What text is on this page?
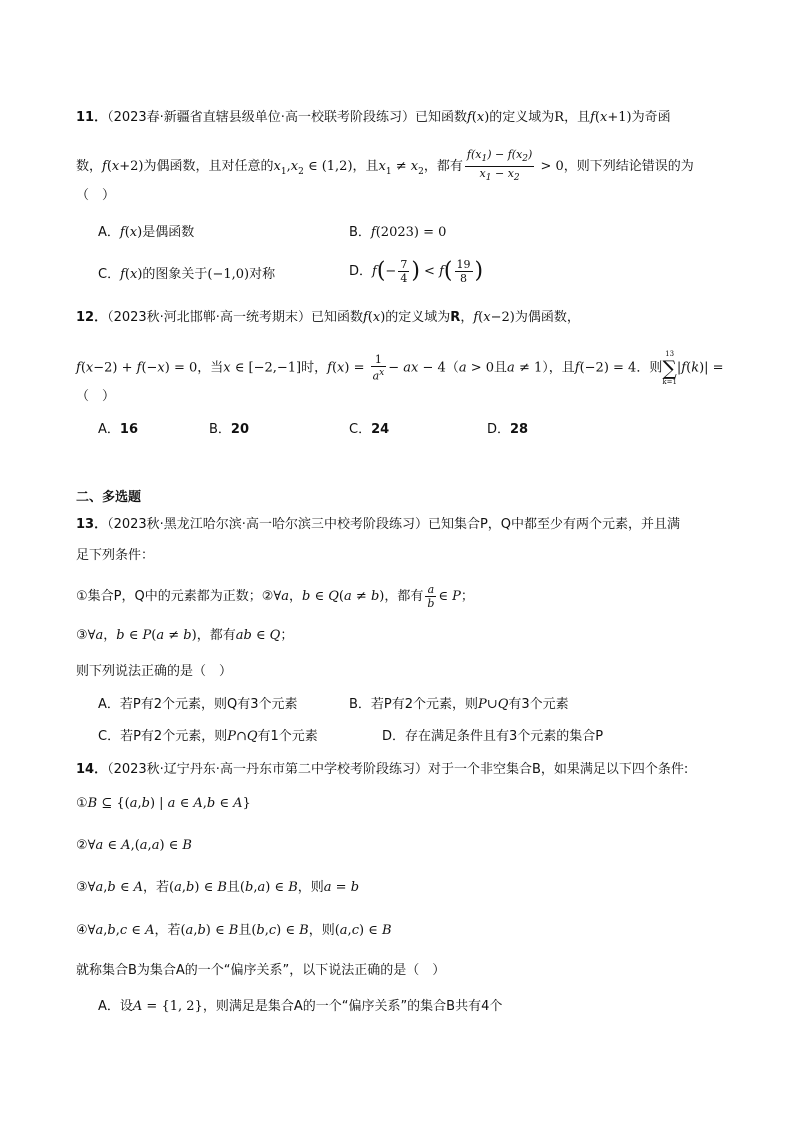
11．（2023春·新疆省直辖县级单位·高一校联考阶段练习）已知函数f(x)的定义域为R，且f(x+1)为奇函
数，f(x+2)为偶函数，且对任意的$x_1,x_2$ ∈ (1,2)，且$x_1 \ne x_2$，都有 $\frac{f(x_1) - f(x_2)}{x_1 - x_2} > 0$，则下列结论错误的为
（　）
A．f(x)是偶函数	B．f(2023) = 0
C．f(x)的图象关于(−1,0)对称	D．$f(- \frac{7}{4}$ ) < $f( \frac{19}{8}$ )
12．（2023秋·河北邯郸·高一统考期末）已知函数f(x)的定义域为R，f(x−2)为偶函数，
f(x−2) + f(−x) = 0，当x ∈ [−2,−1]时，$f(x) = \frac{1}{a^x}$ − ax − 4（a > 0且a ≠ 1），且f(−2) = 4．则
13
∑
k=1
|f(k)| =
（　）
A．16	B．20	C．24	D．28
二、多选题
13．（2023秋·黑龙江哈尔滨·高一哈尔滨三中校考阶段练习）已知集合P，Q中都至少有两个元素，并且满
足下列条件：
①集合P，Q中的元素都为正数；②∀a，b ∈ Q(a ≠ b)，都有 $\frac{a}{b}$ ∈ P；
③∀a，b ∈ P(a ≠ b)，都有ab ∈ Q；
则下列说法正确的是（　）
A．若P有2个元素，则Q有3个元素	B．若P有2个元素，则P∪Q有3个元素
C．若P有2个元素，则P∩Q有1个元素	D．存在满足条件且有3个元素的集合P
14．（2023秋·辽宁丹东·高一丹东市第二中学校考阶段练习）对于一个非空集合B，如果满足以下四个条件:
①B ⊆ {(a,b) | a ∈ A,b ∈ A}
②∀a ∈ A,(a,a) ∈ B
③∀a,b ∈ A，若(a,b) ∈ B且(b,a) ∈ B，则a = b
④∀a,b,c ∈ A，若(a,b) ∈ B且(b,c) ∈ B，则(a,c) ∈ B
就称集合B为集合A的一个“偏序关系”，以下说法正确的是（　）
A．设A = {1, 2}，则满足是集合A的一个“偏序关系”的集合B共有4个
